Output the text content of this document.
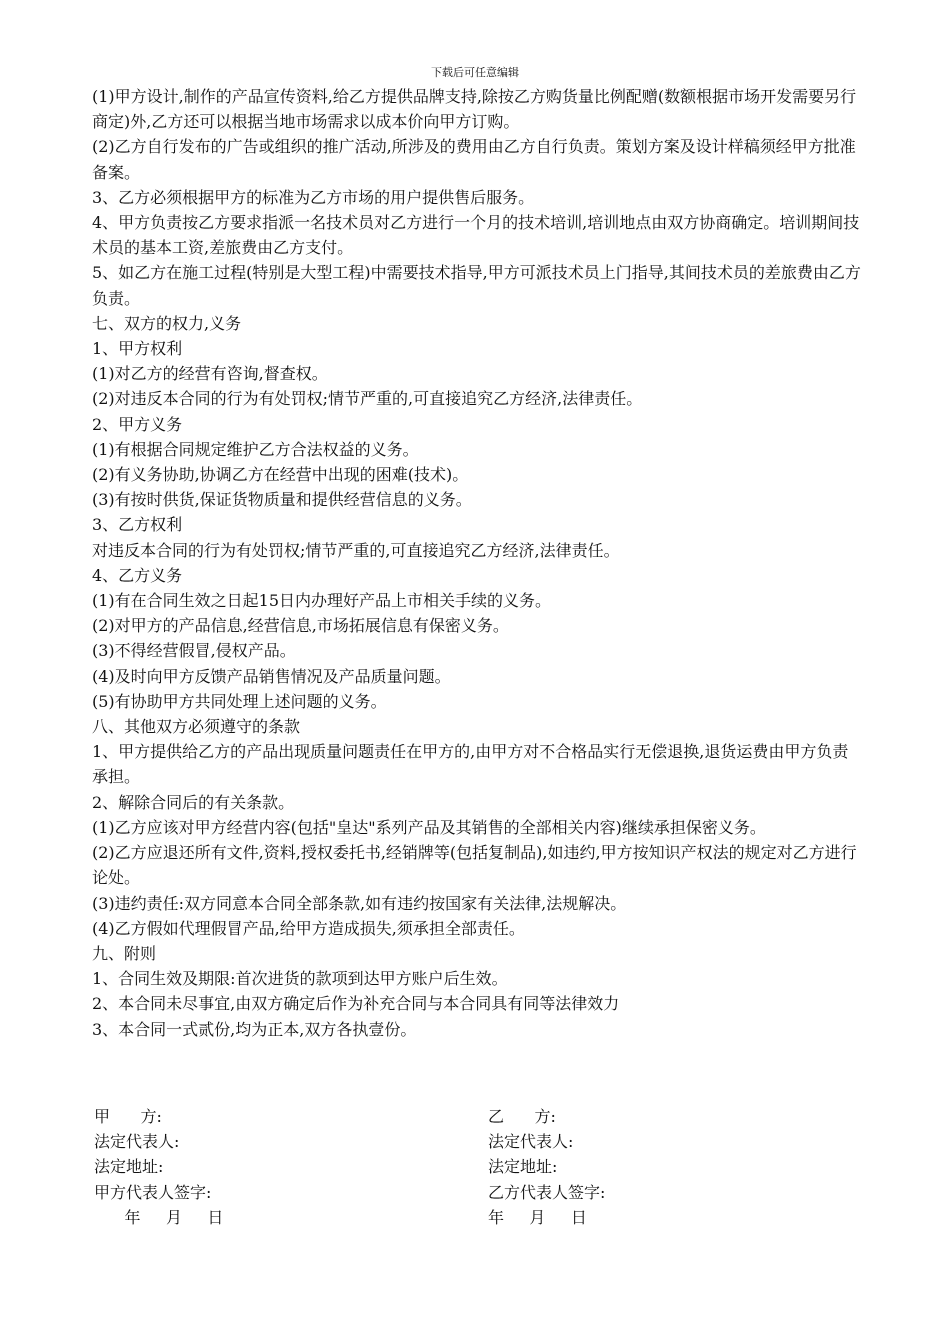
下载后可任意编辑

(1)甲方设计,制作的产品宣传资料,给乙方提供品牌支持,除按乙方购货量比例配赠(数额根据市场开发需要另行商定)外,乙方还可以根据当地市场需求以成本价向甲方订购。

(2)乙方自行发布的广告或组织的推广活动,所涉及的费用由乙方自行负责。策划方案及设计样稿须经甲方批准备案。

3、乙方必须根据甲方的标准为乙方市场的用户提供售后服务。

4、甲方负责按乙方要求指派一名技术员对乙方进行一个月的技术培训,培训地点由双方协商确定。培训期间技术员的基本工资,差旅费由乙方支付。

5、如乙方在施工过程(特别是大型工程)中需要技术指导,甲方可派技术员上门指导,其间技术员的差旅费由乙方负责。

七、双方的权力,义务

1、甲方权利

(1)对乙方的经营有咨询,督查权。

(2)对违反本合同的行为有处罚权;情节严重的,可直接追究乙方经济,法律责任。

2、甲方义务

(1)有根据合同规定维护乙方合法权益的义务。

(2)有义务协助,协调乙方在经营中出现的困难(技术)。

(3)有按时供货,保证货物质量和提供经营信息的义务。

3、乙方权利

对违反本合同的行为有处罚权;情节严重的,可直接追究乙方经济,法律责任。

4、乙方义务

(1)有在合同生效之日起15日内办理好产品上市相关手续的义务。

(2)对甲方的产品信息,经营信息,市场拓展信息有保密义务。

(3)不得经营假冒,侵权产品。

(4)及时向甲方反馈产品销售情况及产品质量问题。

(5)有协助甲方共同处理上述问题的义务。

八、其他双方必须遵守的条款

1、甲方提供给乙方的产品出现质量问题责任在甲方的,由甲方对不合格品实行无偿退换,退货运费由甲方负责承担。

2、解除合同后的有关条款。

(1)乙方应该对甲方经营内容(包括"皇达"系列产品及其销售的全部相关内容)继续承担保密义务。

(2)乙方应退还所有文件,资料,授权委托书,经销牌等(包括复制品),如违约,甲方按知识产权法的规定对乙方进行论处。

(3)违约责任:双方同意本合同全部条款,如有违约按国家有关法律,法规解决。

(4)乙方假如代理假冒产品,给甲方造成损失,须承担全部责任。

九、附则

1、合同生效及期限:首次进货的款项到达甲方账户后生效。

2、本合同未尽事宜,由双方确定后作为补充合同与本合同具有同等法律效力

3、本合同一式贰份,均为正本,双方各执壹份。

甲      方:

法定代表人:

法定地址:

甲方代表人签字:

年     月     日

乙      方:

法定代表人:

法定地址:

乙方代表人签字:

年     月     日
